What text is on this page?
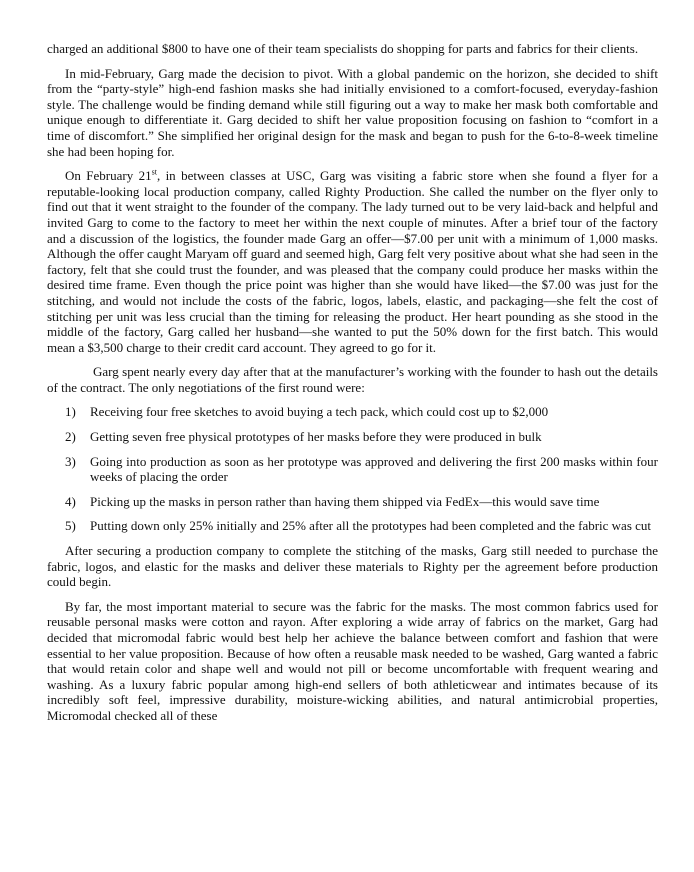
charged an additional $800 to have one of their team specialists do shopping for parts and fabrics for their clients.

In mid-February, Garg made the decision to pivot. With a global pandemic on the horizon, she decided to shift from the “party-style” high-end fashion masks she had initially envisioned to a comfort-focused, everyday-fashion style. The challenge would be finding demand while still figuring out a way to make her mask both comfortable and unique enough to differentiate it. Garg decided to shift her value proposition focusing on fashion to “comfort in a time of discomfort.” She simplified her original design for the mask and began to push for the 6-to-8-week timeline she had been hoping for.

On February 21st, in between classes at USC, Garg was visiting a fabric store when she found a flyer for a reputable-looking local production company, called Righty Production. She called the number on the flyer only to find out that it went straight to the founder of the company. The lady turned out to be very laid-back and helpful and invited Garg to come to the factory to meet her within the next couple of minutes. After a brief tour of the factory and a discussion of the logistics, the founder made Garg an offer—$7.00 per unit with a minimum of 1,000 masks. Although the offer caught Maryam off guard and seemed high, Garg felt very positive about what she had seen in the factory, felt that she could trust the founder, and was pleased that the company could produce her masks within the desired time frame. Even though the price point was higher than she would have liked—the $7.00 was just for the stitching, and would not include the costs of the fabric, logos, labels, elastic, and packaging—she felt the cost of stitching per unit was less crucial than the timing for releasing the product. Her heart pounding as she stood in the middle of the factory, Garg called her husband—she wanted to put the 50% down for the first batch. This would mean a $3,500 charge to their credit card account. They agreed to go for it.

Garg spent nearly every day after that at the manufacturer’s working with the founder to hash out the details of the contract. The only negotiations of the first round were:

1) Receiving four free sketches to avoid buying a tech pack, which could cost up to $2,000
2) Getting seven free physical prototypes of her masks before they were produced in bulk
3) Going into production as soon as her prototype was approved and delivering the first 200 masks within four weeks of placing the order
4) Picking up the masks in person rather than having them shipped via FedEx—this would save time
5) Putting down only 25% initially and 25% after all the prototypes had been completed and the fabric was cut

After securing a production company to complete the stitching of the masks, Garg still needed to purchase the fabric, logos, and elastic for the masks and deliver these materials to Righty per the agreement before production could begin.

By far, the most important material to secure was the fabric for the masks. The most common fabrics used for reusable personal masks were cotton and rayon. After exploring a wide array of fabrics on the market, Garg had decided that micromodal fabric would best help her achieve the balance between comfort and fashion that were essential to her value proposition. Because of how often a reusable mask needed to be washed, Garg wanted a fabric that would retain color and shape well and would not pill or become uncomfortable with frequent wearing and washing. As a luxury fabric popular among high-end sellers of both athleticwear and intimates because of its incredibly soft feel, impressive durability, moisture-wicking abilities, and natural antimicrobial properties, Micromodal checked all of these
